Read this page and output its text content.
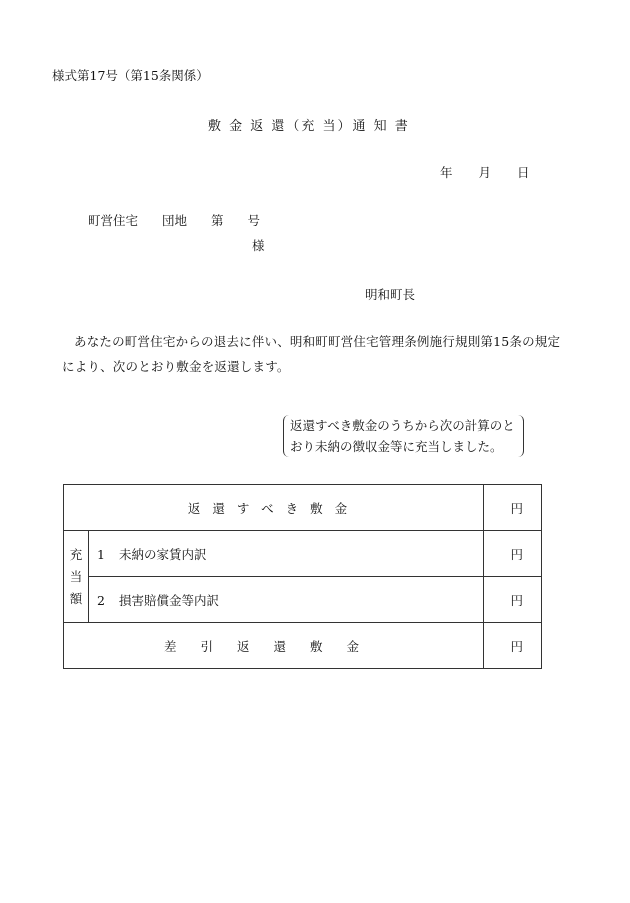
様式第17号（第15条関係）
敷 金 返 還（充 当）通 知 書
年 月 日
町営住宅 団地 第 号
様
明和町長
あなたの町営住宅からの退去に伴い、明和町町営住宅管理条例施行規則第15条の規定により、次のとおり敷金を返還します。
返還すべき敷金のうちから次の計算のと
おり未納の徴収金等に充当しました。
返還すべき敷金		円

充
当
額	1 未納の家賃内訳	円
	2 損害賠償金等内訳	円
差引返還敷金		円
